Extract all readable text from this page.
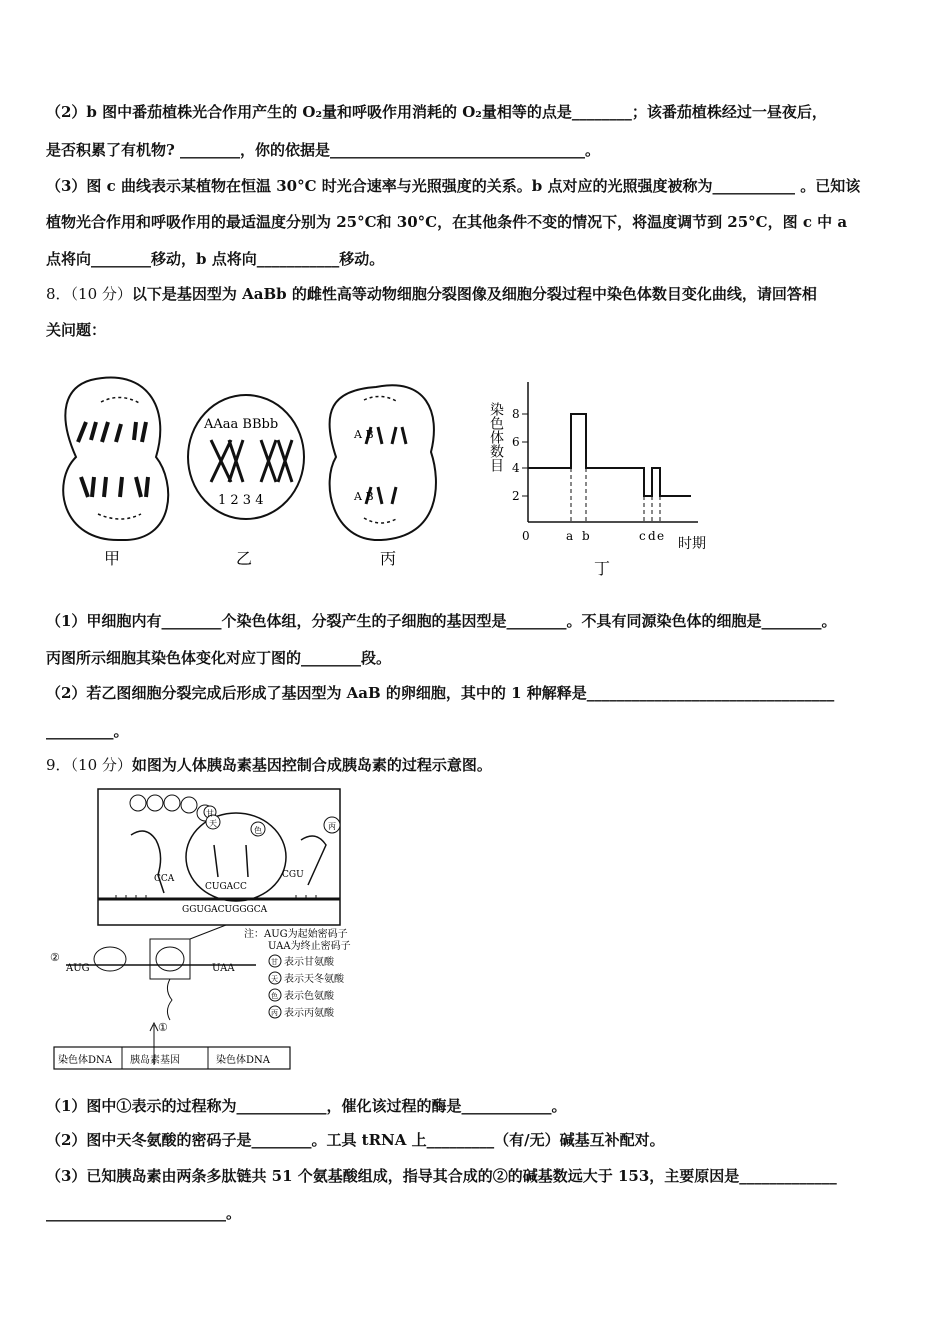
（2）b 图中番茄植株光合作用产生的 O₂量和呼吸作用消耗的 O₂量相等的点是________；该番茄植株经过一昼夜后，
是否积累了有机物? ________，你的依据是__________________________________。
（3）图 c 曲线表示某植物在恒温 30°C 时光合速率与光照强度的关系。b 点对应的光照强度被称为___________ 。已知该
植物光合作用和呼吸作用的最适温度分别为 25°C和 30°C，在其他条件不变的情况下，将温度调节到 25°C，图 c 中 a
点将向________移动，b 点将向___________移动。
8．（10 分）以下是基因型为 AaBb 的雌性高等动物细胞分裂图像及细胞分裂过程中染色体数目变化曲线，请回答相
关问题：
甲
AAaa BBbb
1 2 3 4
乙
A B
A B
丙
染色体数目
2
4
6
8
0	a b	c d e 时期
丁
（1）甲细胞内有________个染色体组，分裂产生的子细胞的基因型是________。不具有同源染色体的细胞是________。
丙图所示细胞其染色体变化对应丁图的________段。
（2）若乙图细胞分裂完成后形成了基因型为 AaB 的卵细胞，其中的 1 种解释是_________________________________
_________。
9．（10 分）如图为人体胰岛素基因控制合成胰岛素的过程示意图。
甘
天
色	丙
CCA
CUGACC
CGU
GGUGACUGGGCA
②
AUG	UAA
①
染色体DNA 胰岛素基因	染色体DNA
注：AUG为起始密码子
UAA为终止密码子
甘 表示甘氨酸
天 表示天冬氨酸
色 表示色氨酸
丙 表示丙氨酸
（1）图中①表示的过程称为____________，催化该过程的酶是____________。
（2）图中天冬氨酸的密码子是________。工具 tRNA 上_________（有/无）碱基互补配对。
（3）已知胰岛素由两条多肽链共 51 个氨基酸组成，指导其合成的②的碱基数远大于 153，主要原因是_____________
________________________。
